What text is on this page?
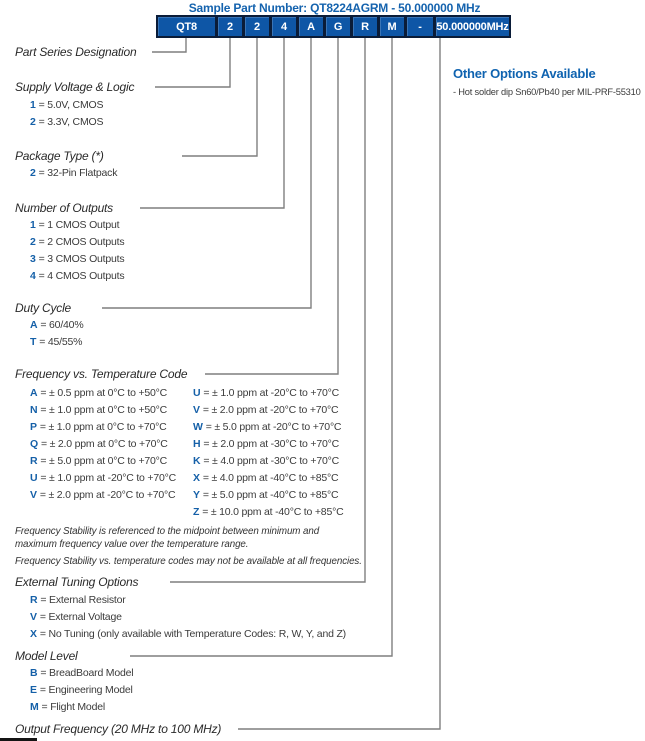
Sample Part Number: QT8224AGRM - 50.000000 MHz
QT8	2	2	4	A	G	R	M	-	50.000000MHz
Part Series Designation
Supply Voltage & Logic
1 = 5.0V, CMOS
2 = 3.3V, CMOS
Package Type (*)
2 = 32-Pin Flatpack
Number of Outputs
1 = 1 CMOS Output
2 = 2 CMOS Outputs
3 = 3 CMOS Outputs
4 = 4 CMOS Outputs
Duty Cycle
A = 60/40%
T = 45/55%
Frequency vs. Temperature Code
A = ± 0.5 ppm at 0°C to +50°C
N = ± 1.0 ppm at 0°C to +50°C
P = ± 1.0 ppm at 0°C to +70°C
Q = ± 2.0 ppm at 0°C to +70°C
R = ± 5.0 ppm at 0°C to +70°C
U = ± 1.0 ppm at -20°C to +70°C
V = ± 2.0 ppm at -20°C to +70°C
U = ± 1.0 ppm at -20°C to +70°C
V = ± 2.0 ppm at -20°C to +70°C
W = ± 5.0 ppm at -20°C to +70°C
H = ± 2.0 ppm at -30°C to +70°C
K = ± 4.0 ppm at -30°C to +70°C
X = ± 4.0 ppm at -40°C to +85°C
Y = ± 5.0 ppm at -40°C to +85°C
Z = ± 10.0 ppm at -40°C to +85°C
Frequency Stability is referenced to the midpoint between minimum and maximum frequency value over the temperature range.
Frequency Stability vs. temperature codes may not be available at all frequencies.
External Tuning Options
R = External Resistor
V = External Voltage
X = No Tuning (only available with Temperature Codes: R, W, Y, and Z)
Model Level
B = BreadBoard Model
E = Engineering Model
M = Flight Model
Output Frequency (20 MHz to 100 MHz)
Other Options Available
- Hot solder dip Sn60/Pb40 per MIL-PRF-55310
